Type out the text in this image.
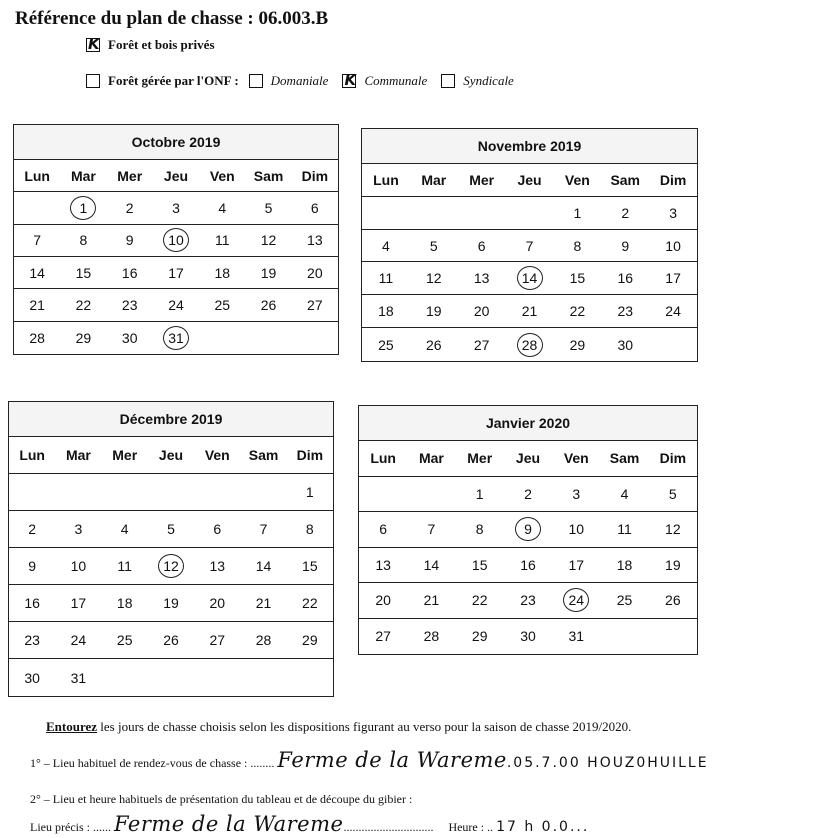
Référence du plan de chasse : 06.003.B
K
Forêt et bois privés
Forêt gérée par l'ONF : Domaniale
K	Communale	Syndicale
Octobre 2019
Lun	Mar	Mer	Jeu	Ven	Sam	Dim
1	2	3	4	5	6
7	8	9	10	11 12 13
14 15 16 17 18 19 20
21 22 23 24 25 26 27
28 29 30	31
Novembre 2019
Lun	Mar	Mer	Jeu	Ven	Sam	Dim
1	2	3
4	5	6	7	8	9	10
11 12 13	14	15 16 17
18 19 20 21 22 23 24
25 26 27	28	29 30
Décembre 2019
Lun	Mar	Mer	Jeu	Ven	Sam	Dim
1
2	3	4	5	6	7	8
9 10 11	12	13 14 15
16 17 18 19 20 21 22
23 24 25 26 27 28 29
30 31
Janvier 2020
Lun	Mar	Mer	Jeu	Ven	Sam	Dim
1	2	3	4	5
6	7	8	9	10 11 12
13 14 15 16 17 18 19
20 21 22 23	24	25 26
27 28 29 30 31
Entourez les jours de chasse choisis selon les dispositions figurant au verso pour la saison de chasse 2019/2020.
1° – Lieu habituel de rendez-vous de chasse : ........ Ferme de la Wareme.05.7.00 HOUZ0HUILLE
2° – Lieu et heure habituels de présentation du tableau et de découpe du gibier :
Lieu précis : ...... Ferme de la Wareme.............................. Heure : .. 17 h 0.0...
